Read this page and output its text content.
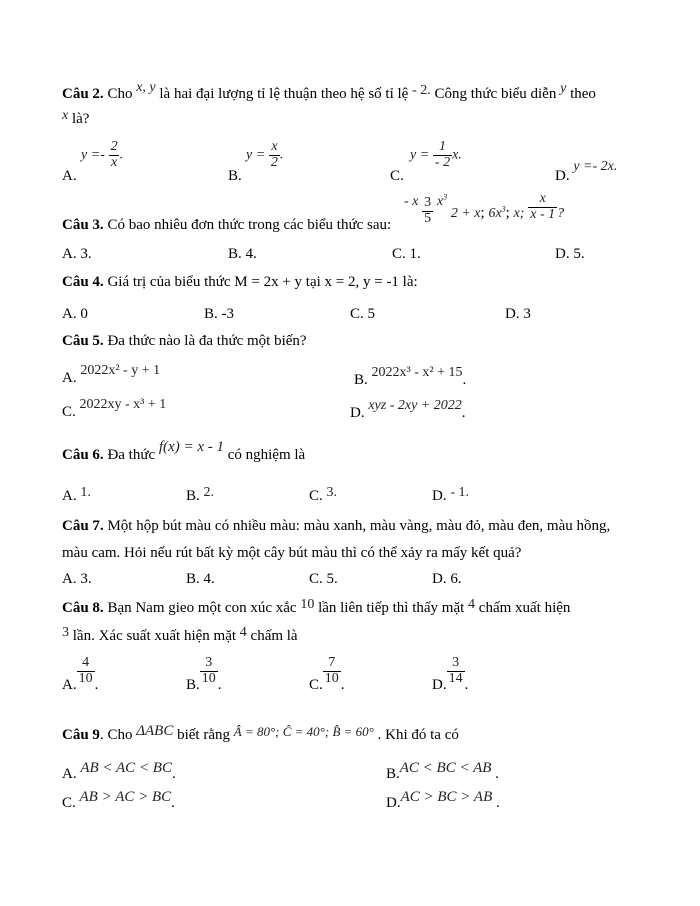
Câu 2. Cho x, y là hai đại lượng tỉ lệ thuận theo hệ số tỉ lệ - 2. Công thức biểu diễn y theo
x là?
A.
$y =- \frac{2}{x}$ .
B.
$y = \frac{x}{2}$ .
C.
$y = \frac{1}{- 2} x$.
D. y =- 2x.
Câu 3. Có bao nhiêu đơn thức trong các biểu thức sau:
- x $\frac{3}{5} x^3$ 2 + x; $6x^3$; x; $\frac{x}{x - 1}$ ?
A. 3.	B. 4.	C. 1.	D. 5.
Câu 4. Giá trị của biểu thức M = 2x + y tại x = 2, y = -1 là:
A. 0	B. -3	C. 5	D. 3
Câu 5. Đa thức nào là đa thức một biến?
A. 2022x² - y + 1
B. 2022x³ - x² + 15.
C. 2022xy - x³ + 1
D. xyz - 2xy + 2022.
Câu 6. Đa thức f(x) = x - 1 có nghiệm là
A. 1.	B. 2.	C. 3.	D. - 1.
Câu 7. Một hộp bút màu có nhiều màu: màu xanh, màu vàng, màu đỏ, màu đen, màu hồng,
màu cam. Hỏi nếu rút bất kỳ một cây bút màu thì có thể xảy ra mấy kết quả?
A. 3.	B. 4.	C. 5.	D. 6.
Câu 8. Bạn Nam gieo một con xúc xắc 10 lần liên tiếp thì thấy mặt 4 chấm xuất hiện
3 lần. Xác suất xuất hiện mặt 4 chấm là
A. $\frac{4}{10}$ .	B. $\frac{3}{10}$ .	C. $\frac{7}{10}$ .	D. $\frac{3}{14}$ .
Câu 9. Cho ΔABC biết rằng Â = 80°; Ĉ = 40°; B̂ = 60° . Khi đó ta có
A. AB < AC < BC.	B.AC < BC < AB .
C. AB > AC > BC.	D.AC > BC > AB .
